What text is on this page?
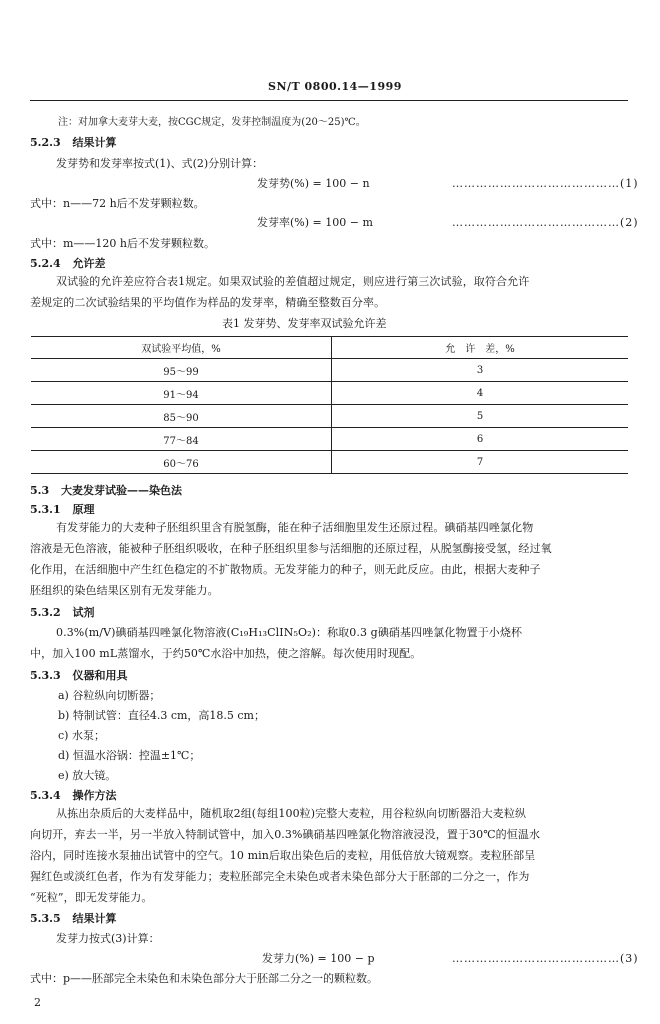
SN/T 0800.14—1999
注：对加拿大麦芽大麦，按CGC规定，发芽控制温度为(20～25)℃。
5.2.3 结果计算
发芽势和发芽率按式(1)、式(2)分别计算：
发芽势(%) = 100 − n	……………………………………(1)
式中：n——72 h后不发芽颗粒数。
发芽率(%) = 100 − m	……………………………………(2)
式中：m——120 h后不发芽颗粒数。
5.2.4 允许差
双试验的允许差应符合表1规定。如果双试验的差值超过规定，则应进行第三次试验，取符合允许
差规定的二次试验结果的平均值作为样品的发芽率，精确至整数百分率。
表1 发芽势、发芽率双试验允许差
双试验平均值，%	允　许　差，%
95～99	3
91～94	4
85～90	5
77～84	6
60～76	7
5.3 大麦发芽试验——染色法
5.3.1 原理
有发芽能力的大麦种子胚组织里含有脱氢酶，能在种子活细胞里发生还原过程。碘硝基四唑氯化物
溶液是无色溶液，能被种子胚组织吸收，在种子胚组织里参与活细胞的还原过程，从脱氢酶接受氢，经过氧
化作用，在活细胞中产生红色稳定的不扩散物质。无发芽能力的种子，则无此反应。由此，根据大麦种子
胚组织的染色结果区别有无发芽能力。
5.3.2 试剂
0.3%(m/V)碘硝基四唑氯化物溶液(C₁₉H₁₃ClIN₅O₂)：称取0.3 g碘硝基四唑氯化物置于小烧杯
中，加入100 mL蒸馏水，于约50℃水浴中加热，使之溶解。每次使用时现配。
5.3.3 仪器和用具
a) 谷粒纵向切断器；
b) 特制试管：直径4.3 cm，高18.5 cm；
c) 水泵；
d) 恒温水浴锅：控温±1℃；
e) 放大镜。
5.3.4 操作方法
从拣出杂质后的大麦样品中，随机取2组(每组100粒)完整大麦粒，用谷粒纵向切断器沿大麦粒纵
向切开，弃去一半，另一半放入特制试管中，加入0.3%碘硝基四唑氯化物溶液浸没，置于30℃的恒温水
浴内，同时连接水泵抽出试管中的空气。10 min后取出染色后的麦粒，用低倍放大镜观察。麦粒胚部呈
猩红色或淡红色者，作为有发芽能力；麦粒胚部完全未染色或者未染色部分大于胚部的二分之一，作为
“死粒”，即无发芽能力。
5.3.5 结果计算
发芽力按式(3)计算：
发芽力(%) = 100 − p	……………………………………(3)
式中：p——胚部完全未染色和未染色部分大于胚部二分之一的颗粒数。
2
